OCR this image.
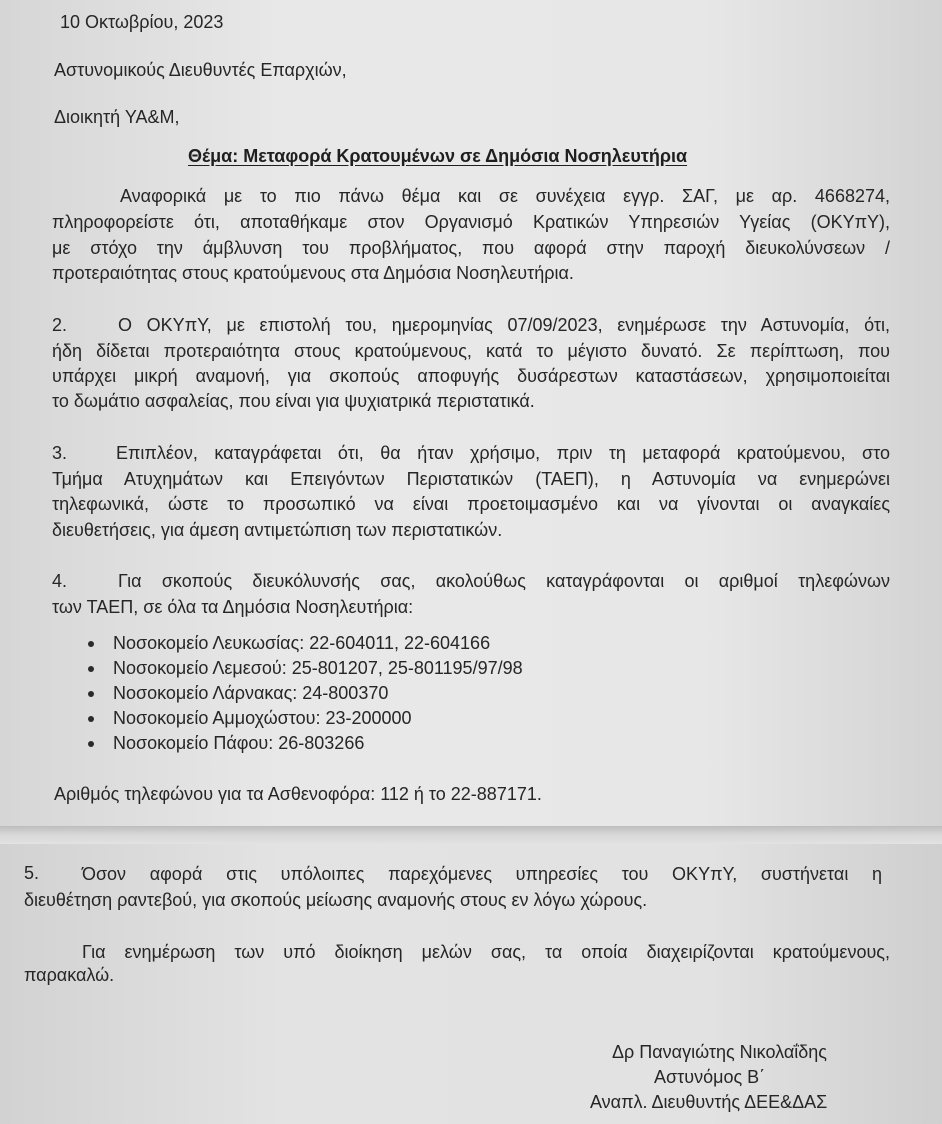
10 Οκτωβρίου, 2023
Αστυνομικούς Διευθυντές Επαρχιών,
Διοικητή ΥΑ&Μ,
Θέμα: Μεταφορά Κρατουμένων σε Δημόσια Νοσηλευτήρια
Αναφορικά με το πιο πάνω θέμα και σε συνέχεια εγγρ. ΣΑΓ, με αρ. 4668274,
πληροφορείστε ότι, αποταθήκαμε στον Οργανισμό Κρατικών Υπηρεσιών Υγείας (ΟΚΥπΥ),
με στόχο την άμβλυνση του προβλήματος, που αφορά στην παροχή διευκολύνσεων /
προτεραιότητας στους κρατούμενους στα Δημόσια Νοσηλευτήρια.
2.	Ο ΟΚΥπΥ, με επιστολή του, ημερομηνίας 07/09/2023, ενημέρωσε την Αστυνομία, ότι,
ήδη δίδεται προτεραιότητα στους κρατούμενους, κατά το μέγιστο δυνατό. Σε περίπτωση, που
υπάρχει μικρή αναμονή, για σκοπούς αποφυγής δυσάρεστων καταστάσεων, χρησιμοποιείται
το δωμάτιο ασφαλείας, που είναι για ψυχιατρικά περιστατικά.
3.	Επιπλέον, καταγράφεται ότι, θα ήταν χρήσιμο, πριν τη μεταφορά κρατούμενου, στο
Τμήμα Ατυχημάτων και Επειγόντων Περιστατικών (ΤΑΕΠ), η Αστυνομία να ενημερώνει
τηλεφωνικά, ώστε το προσωπικό να είναι προετοιμασμένο και να γίνονται οι αναγκαίες
διευθετήσεις, για άμεση αντιμετώπιση των περιστατικών.
4.	Για σκοπούς διευκόλυνσής σας, ακολούθως καταγράφονται οι αριθμοί τηλεφώνων
των ΤΑΕΠ, σε όλα τα Δημόσια Νοσηλευτήρια:
Νοσοκομείο Λευκωσίας: 22-604011, 22-604166
Νοσοκομείο Λεμεσού: 25-801207, 25-801195/97/98
Νοσοκομείο Λάρνακας: 24-800370
Νοσοκομείο Αμμοχώστου: 23-200000
Νοσοκομείο Πάφου: 26-803266
Αριθμός τηλεφώνου για τα Ασθενοφόρα: 112 ή το 22-887171.
5. Όσον αφορά στις υπόλοιπες παρεχόμενες υπηρεσίες του ΟΚΥπΥ, συστήνεται η
διευθέτηση ραντεβού, για σκοπούς μείωσης αναμονής στους εν λόγω χώρους.
Για ενημέρωση των υπό διοίκηση μελών σας, τα οποία διαχειρίζονται κρατούμενους,
παρακαλώ.
Δρ Παναγιώτης Νικολαΐδης
Αστυνόμος Β΄
Αναπλ. Διευθυντής ΔΕΕ&ΔΑΣ
